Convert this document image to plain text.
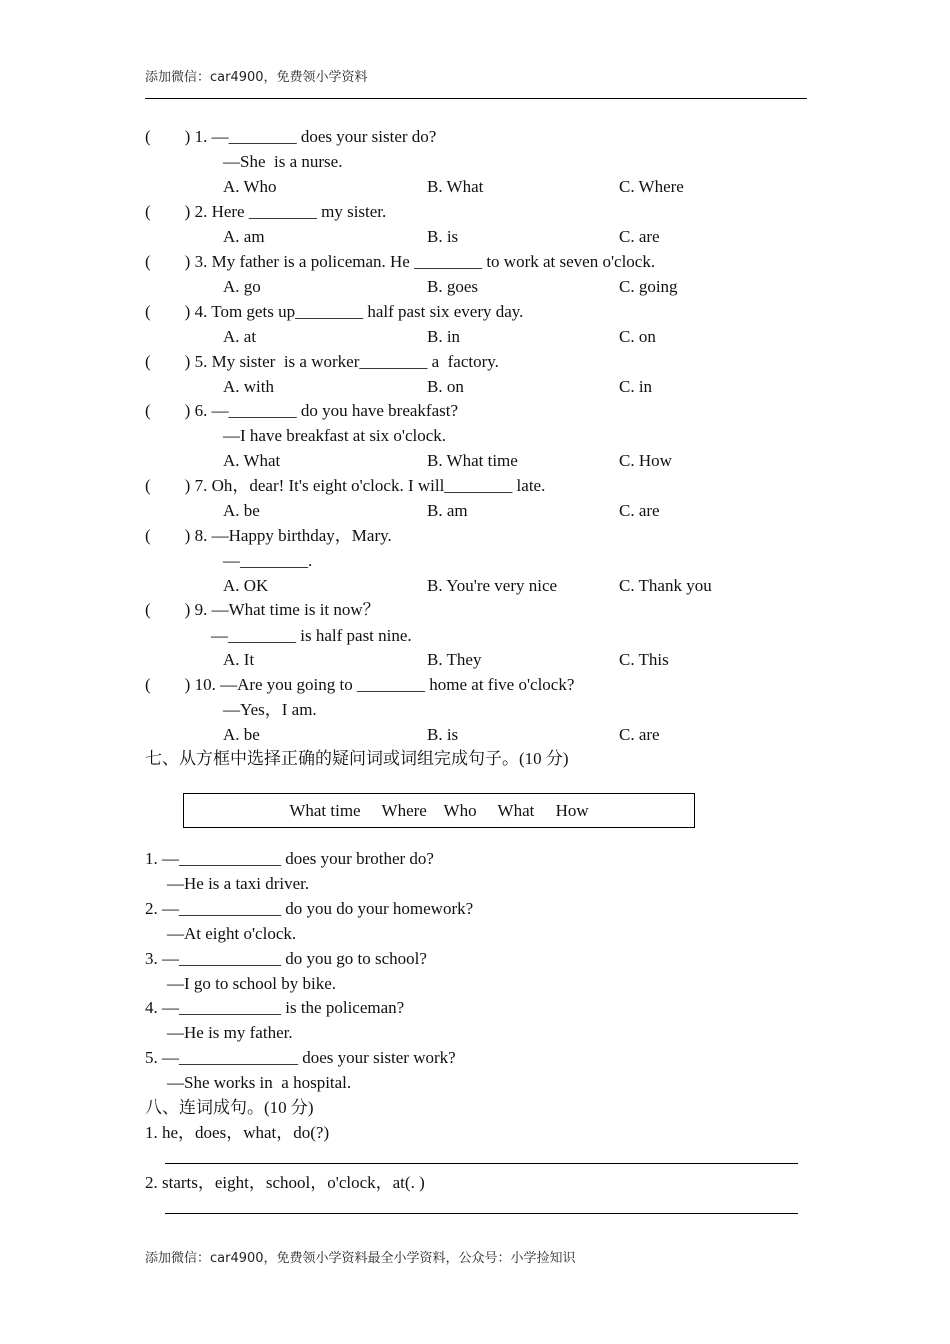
添加微信：car4900，免费领小学资料
(        ) 1. —________ does your sister do?
—She  is a nurse.
A. Who	B. What	C. Where
(        ) 2. Here ________ my sister.
A. am	B. is	C. are
(        ) 3. My father is a policeman. He ________ to work at seven o'clock.
A. go	B. goes	C. going
(        ) 4. Tom gets up________ half past six every day.
A. at	B. in	C. on
(        ) 5. My sister  is a worker________ a  factory.
A. with	B. on	C. in
(        ) 6. —________ do you have breakfast?
—I have breakfast at six o'clock.
A. What	B. What time	C. How
(        ) 7. Oh，dear! It's eight o'clock. I will________ late.
A. be	B. am	C. are
(        ) 8. —Happy birthday，Mary.
—________.
A. OK	B. You're very nice	C. Thank you
(        ) 9. —What time is it now？
—________ is half past nine.
A. It	B. They	C. This
(        ) 10. —Are you going to ________ home at five o'clock?
—Yes，I am.
A. be	B. is	C. are
七、从方框中选择正确的疑问词或词组完成句子。(10 分)
What time     Where    Who     What     How
1. —____________ does your brother do?
—He is a taxi driver.
2. —____________ do you do your homework?
—At eight o'clock.
3. —____________ do you go to school?
—I go to school by bike.
4. —____________ is the policeman?
—He is my father.
5. —______________ does your sister work?
—She works in  a hospital.
八、连词成句。(10 分)
1. he，does，what，do(?)
2. starts，eight，school，o'clock，at(. )
添加微信：car4900，免费领小学资料最全小学资料，公众号：小学捡知识
